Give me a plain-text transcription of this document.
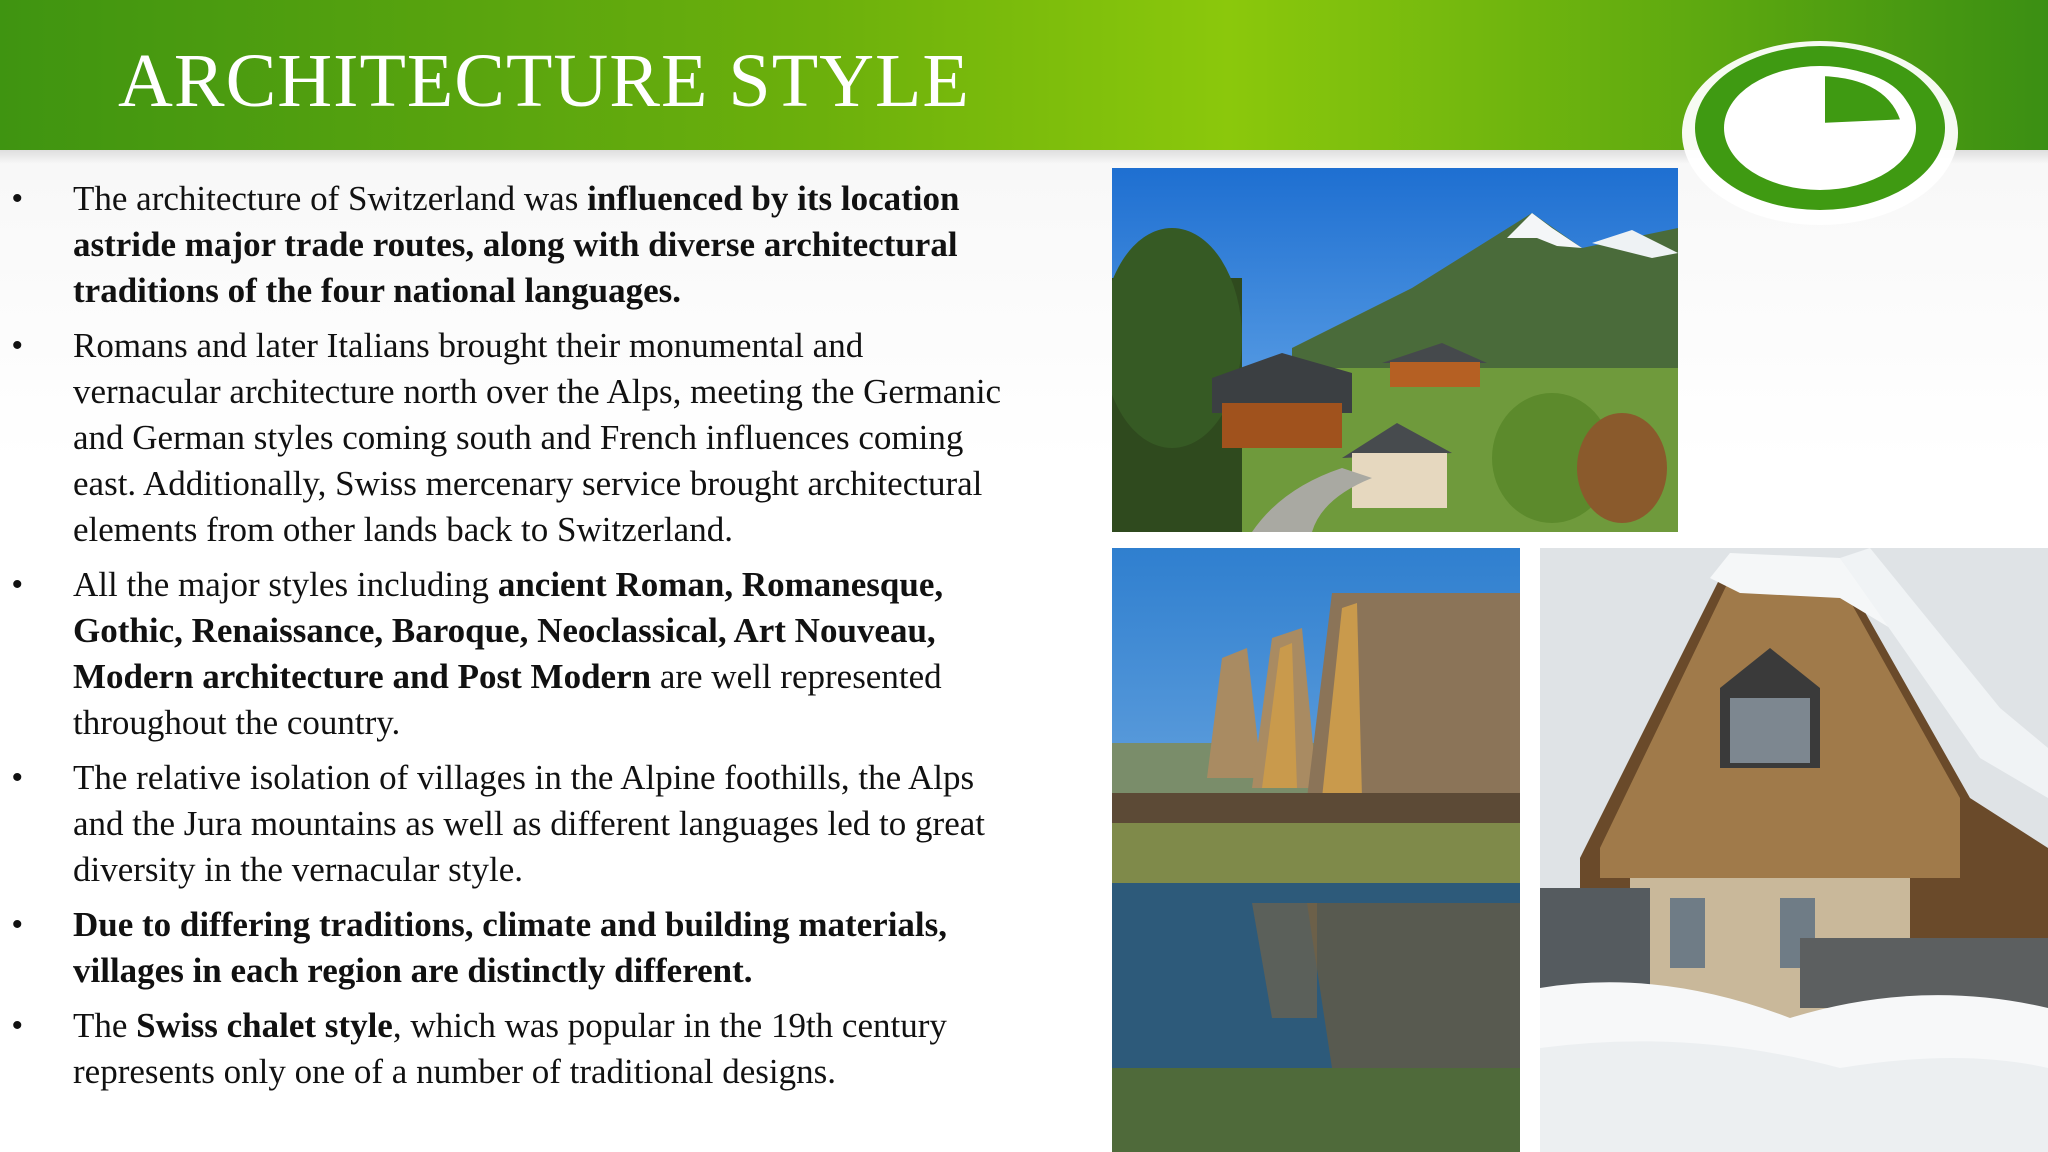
ARCHITECTURE STYLE
• The architecture of Switzerland was influenced by its location
astride major trade routes, along with diverse architectural
traditions of the four national languages.
• Romans and later Italians brought their monumental and
vernacular architecture north over the Alps, meeting the Germanic
and German styles coming south and French influences coming
east. Additionally, Swiss mercenary service brought architectural
elements from other lands back to Switzerland.
• All the major styles including ancient Roman, Romanesque,
Gothic, Renaissance, Baroque, Neoclassical, Art Nouveau,
Modern architecture and Post Modern are well represented
throughout the country.
• The relative isolation of villages in the Alpine foothills, the Alps
and the Jura mountains as well as different languages led to great
diversity in the vernacular style.
• Due to differing traditions, climate and building materials,
villages in each region are distinctly different.
• The Swiss chalet style, which was popular in the 19th century
represents only one of a number of traditional designs.
